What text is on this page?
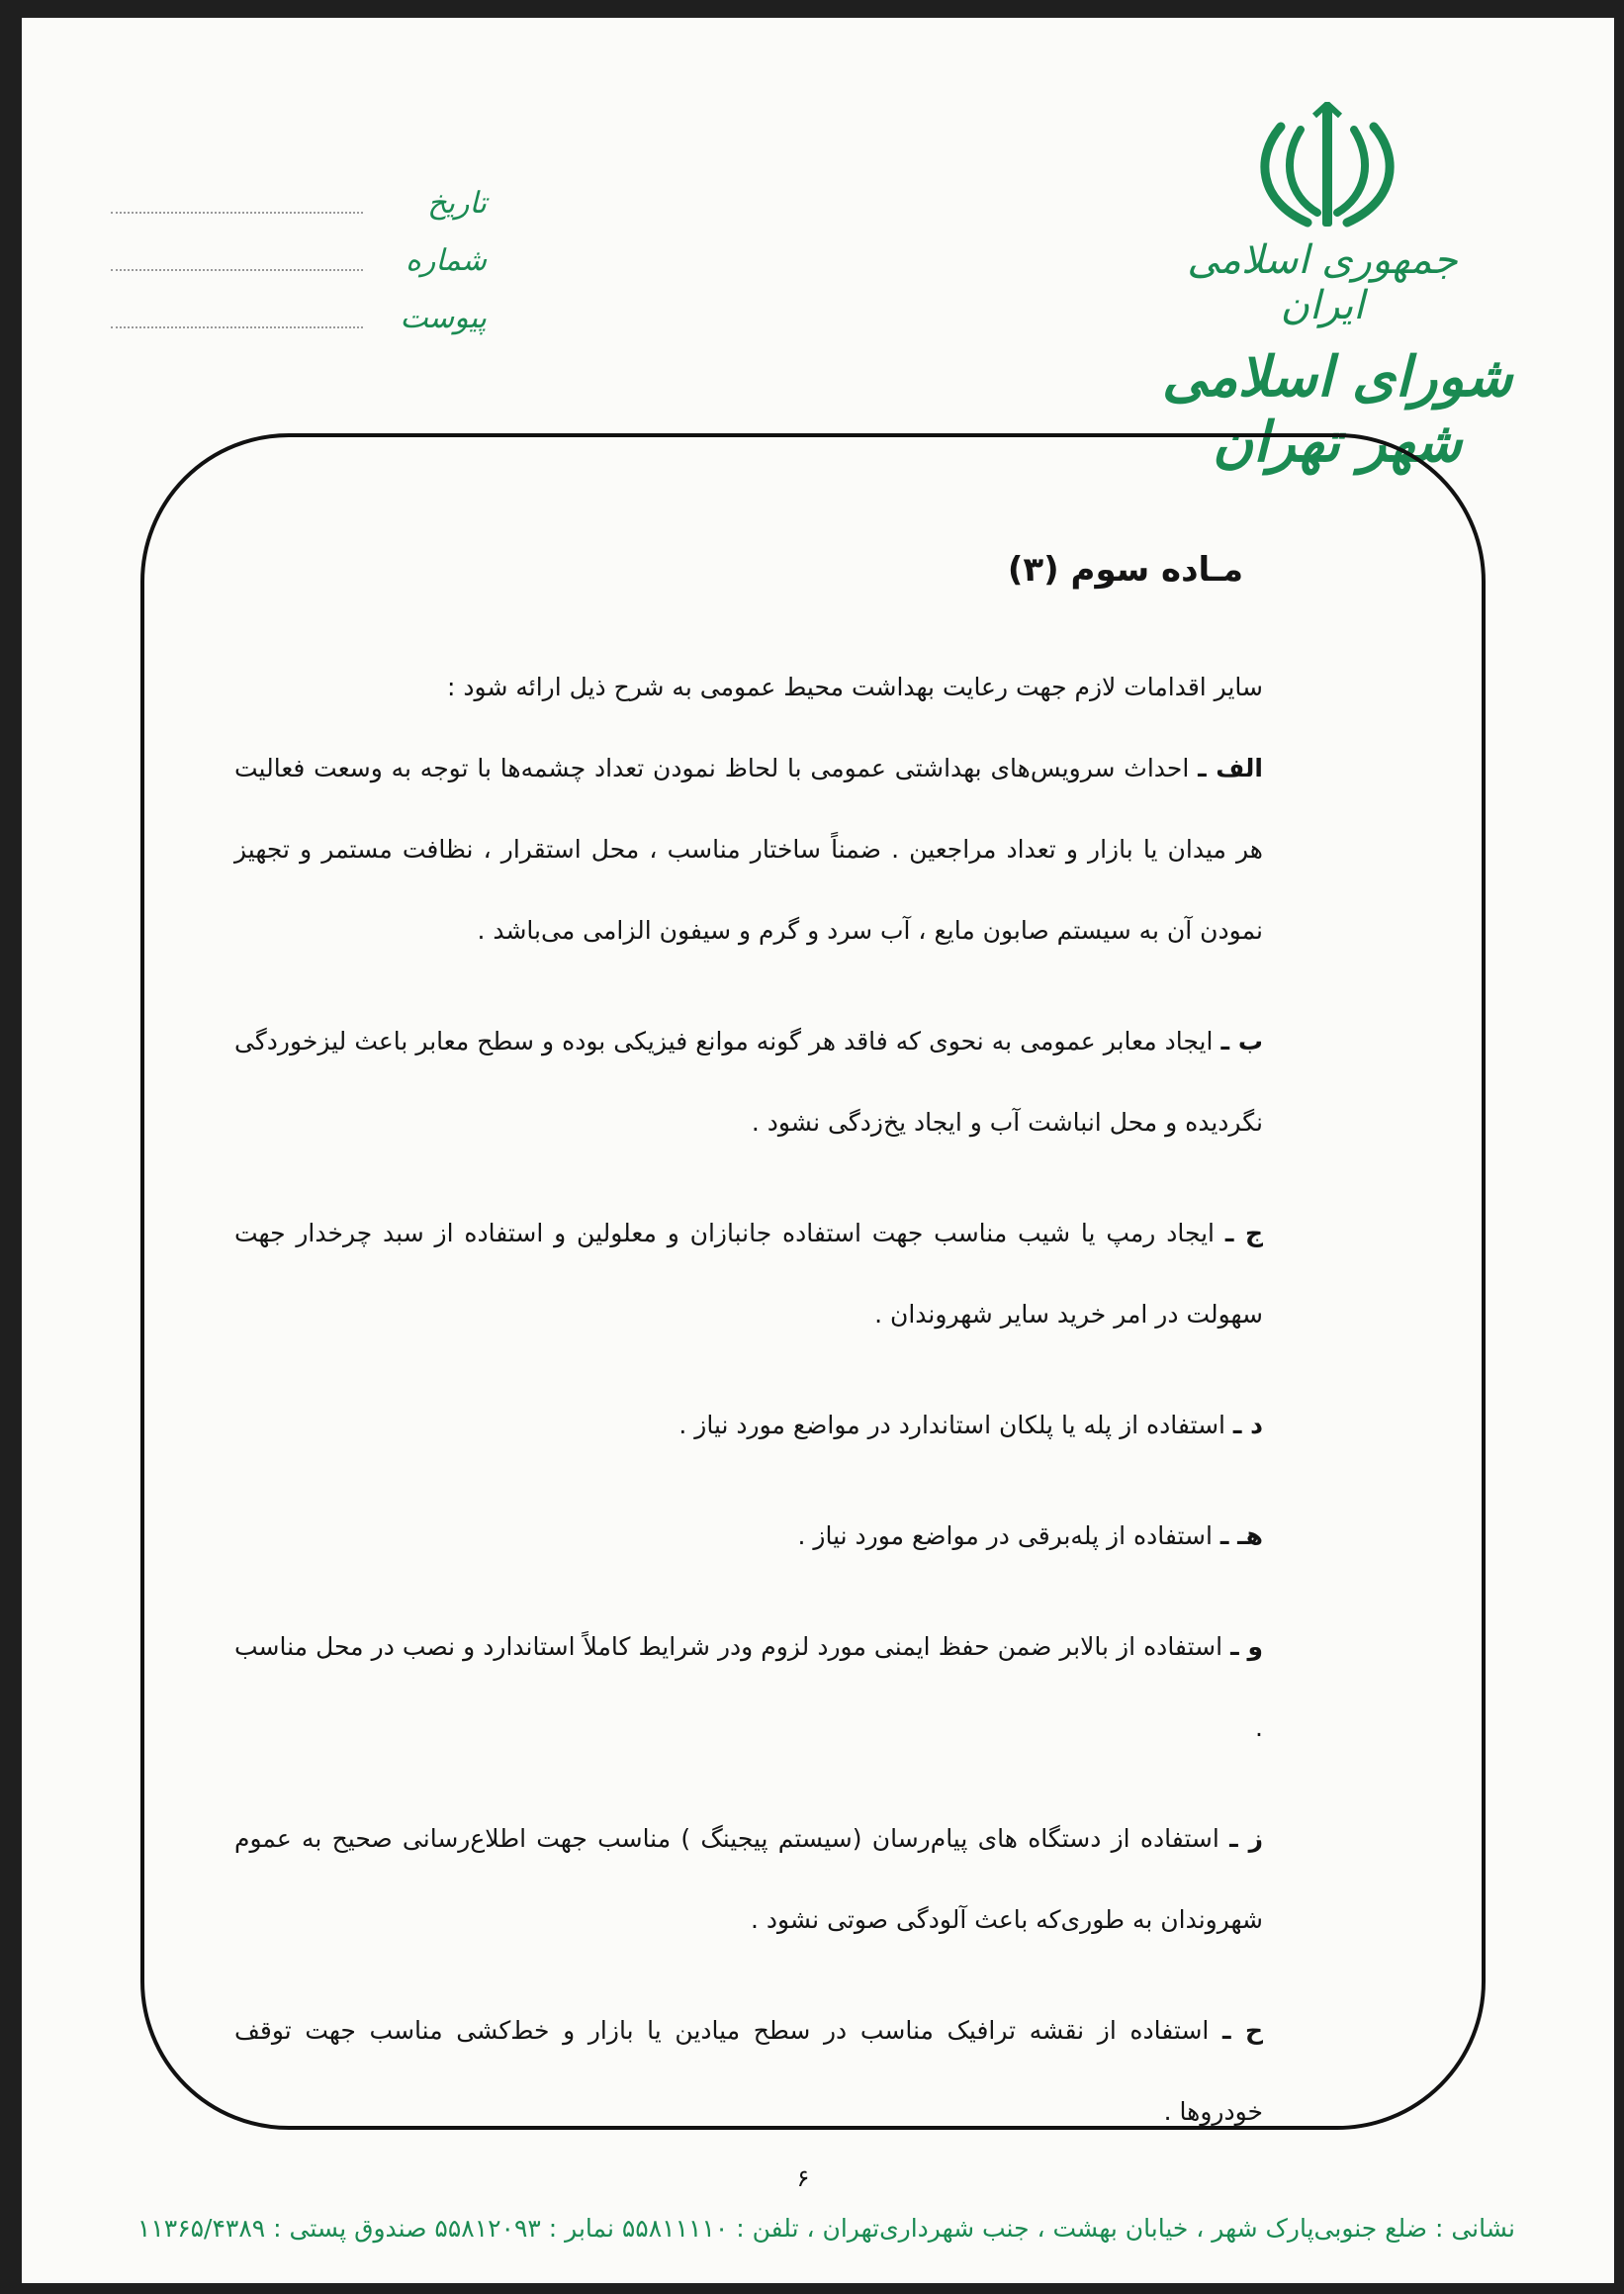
جمهوری اسلامی ایران
شورای اسلامی شهر تهران
تاریخ
شماره
پیوست
مـاده سوم (۳)

سایر اقدامات لازم جهت رعایت بهداشت محیط عمومی به شرح ذیل ارائه شود :

الف ـ احداث سرویس‌های بهداشتی عمومی با لحاظ نمودن تعداد چشمه‌ها با توجه به وسعت فعالیت هر میدان یا بازار و تعداد مراجعین . ضمناً ساختار مناسب ، محل استقرار ، نظافت مستمر و تجهیز نمودن آن به سیستم صابون مایع ، آب سرد و گرم و سیفون الزامی می‌باشد .

ب ـ ایجاد معابر عمومی به نحوی که فاقد هر گونه موانع فیزیکی بوده و سطح معابر باعث لیزخوردگی نگردیده و محل انباشت آب و ایجاد یخ‌زدگی نشود .

ج ـ ایجاد رمپ یا شیب مناسب جهت استفاده جانبازان و معلولین و استفاده از سبد چرخدار جهت سهولت در امر خرید سایر شهروندان .

د ـ استفاده از پله یا پلکان استاندارد در مواضع مورد نیاز .

هـ ـ استفاده از پله‌برقی در مواضع مورد نیاز .

و ـ استفاده از بالابر ضمن حفظ ایمنی مورد لزوم ودر شرایط کاملاً استاندارد و نصب در محل مناسب .

ز ـ استفاده از دستگاه های پیام‌رسان (سیستم پیجینگ ) مناسب جهت اطلاع‌رسانی صحیح به عموم شهروندان به طوری‌که باعث آلودگی صوتی نشود .

ح ـ استفاده از نقشه ترافیک مناسب در سطح میادین یا بازار و خط‌کشی مناسب جهت توقف خودروها .

۶
نشانی : ضلع جنوبی‌پارک شهر ، خیابان بهشت ، جنب شهرداری‌تهران ، تلفن : ۵۵۸۱۱۱۱۰ نمابر : ۵۵۸۱۲۰۹۳ صندوق پستی : ۱۱۳۶۵/۴۳۸۹
